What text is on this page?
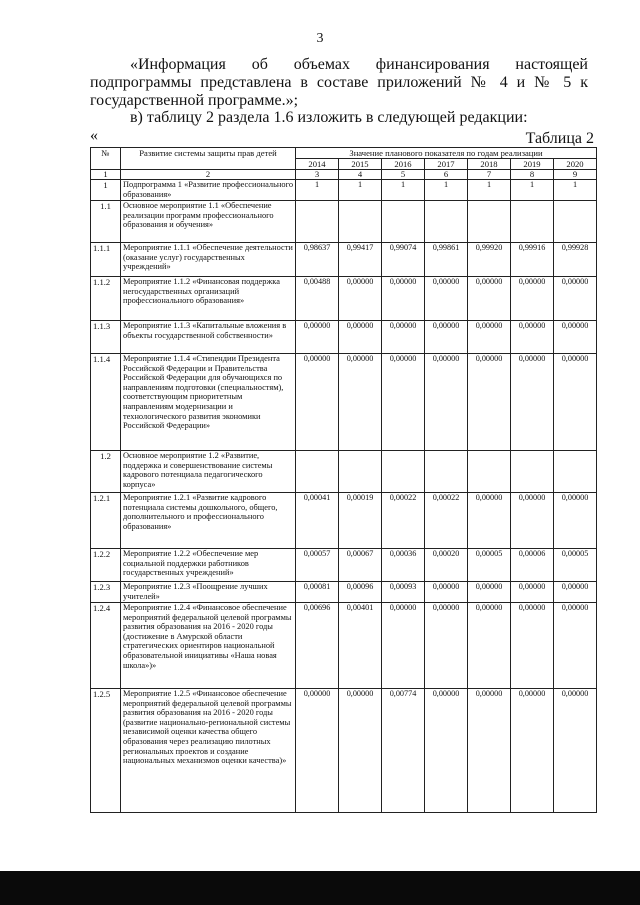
3
«Информация об объемах финансирования настоящей подпрограммы представлена в составе приложений № 4 и № 5 к государственной программе.»;
в) таблицу 2 раздела 1.6 изложить в следующей редакции:
«	Таблица 2
№	Развитие системы защиты прав детей	Значение планового показателя по годам реализации						
		2014	2015	2016	2017	2018	2019	2020
1	2	3	4	5	6	7	8	9
1	Подпрограмма 1 «Развитие профессионального образования»	1	1	1	1	1	1	1
1.1	Основное мероприятие 1.1 «Обеспечение реализации программ профессионального образования и обучения»							
1.1.1	Мероприятие 1.1.1 «Обеспечение деятельности (оказание услуг) государственных учреждений»	0,98637	0,99417	0,99074	0,99861	0,99920	0,99916	0,99928
1.1.2	Мероприятие 1.1.2 «Финансовая поддержка негосударственных организаций профессионального образования»	0,00488	0,00000	0,00000	0,00000	0,00000	0,00000	0,00000
1.1.3	Мероприятие 1.1.3 «Капитальные вложения в объекты государственной собственности»	0,00000	0,00000	0,00000	0,00000	0,00000	0,00000	0,00000
1.1.4	Мероприятие 1.1.4 «Стипендии Президента Российской Федерации и Правительства Российской Федерации для обучающихся по направлениям подготовки (специальностям), соответствующим приоритетным направлениям модернизации и технологического развития экономики Российской Федерации»	0,00000	0,00000	0,00000	0,00000	0,00000	0,00000	0,00000
1.2	Основное мероприятие 1.2 «Развитие, поддержка и совершенствование системы кадрового потенциала педагогического корпуса»							
1.2.1	Мероприятие 1.2.1 «Развитие кадрового потенциала системы дошкольного, общего, дополнительного и профессионального образования»	0,00041	0,00019	0,00022	0,00022	0,00000	0,00000	0,00000
1.2.2	Мероприятие 1.2.2 «Обеспечение мер социальной поддержки работников государственных учреждений»	0,00057	0,00067	0,00036	0,00020	0,00005	0,00006	0,00005
1.2.3	Мероприятие 1.2.3 «Поощрение лучших учителей»	0,00081	0,00096	0,00093	0,00000	0,00000	0,00000	0,00000
1.2.4	Мероприятие 1.2.4 «Финансовое обеспечение мероприятий федеральной целевой программы развития образования на 2016 - 2020 годы (достижение в Амурской области стратегических ориентиров национальной образовательной инициативы «Наша новая школа»)»	0,00696	0,00401	0,00000	0,00000	0,00000	0,00000	0,00000
1.2.5	Мероприятие 1.2.5 «Финансовое обеспечение мероприятий федеральной целевой программы развития образования на 2016 - 2020 годы (развитие национально-региональной системы независимой оценки качества общего образования через реализацию пилотных региональных проектов и создание национальных механизмов оценки качества)»	0,00000	0,00000	0,00774	0,00000	0,00000	0,00000	0,00000
